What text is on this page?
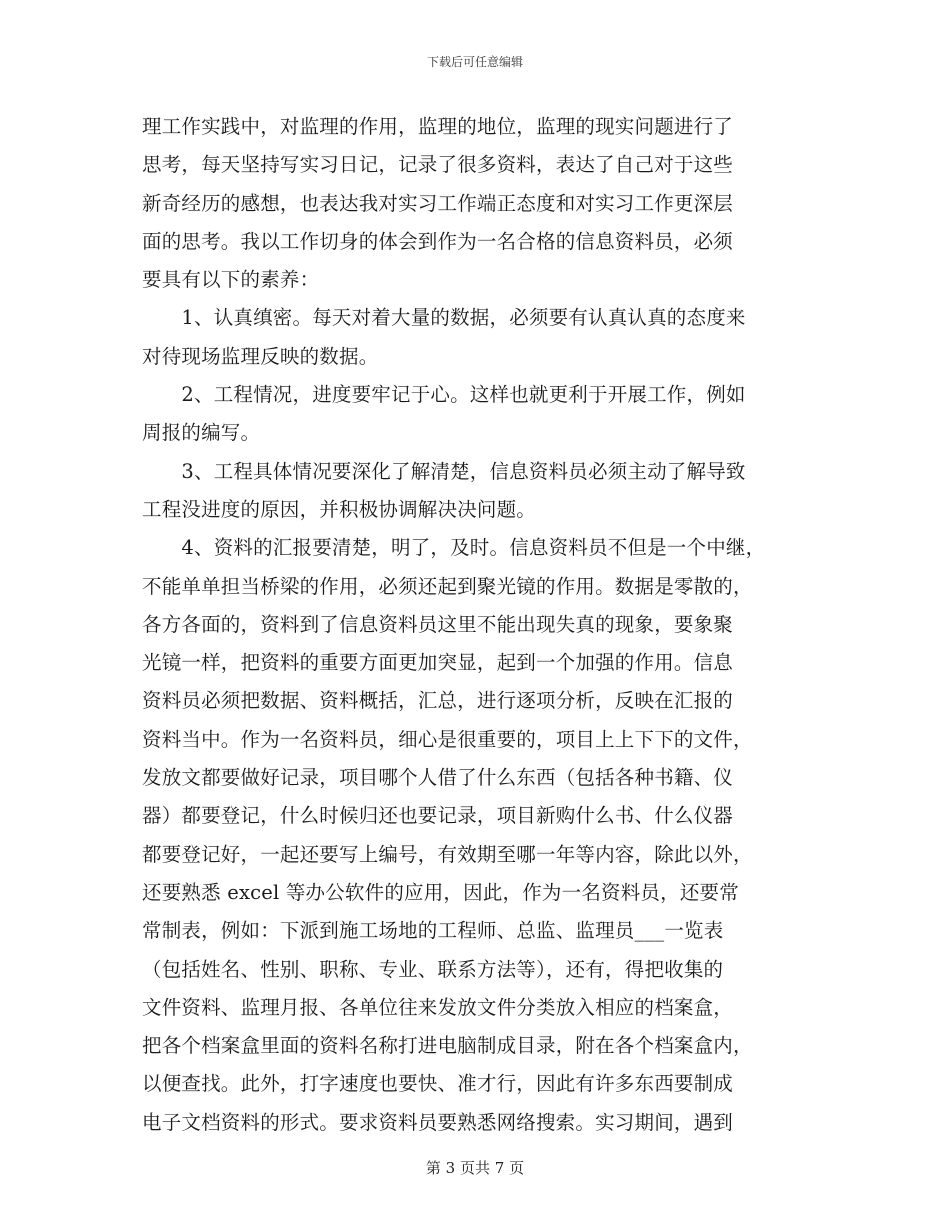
下载后可任意编辑
理工作实践中，对监理的作用，监理的地位，监理的现实问题进行了
思考，每天坚持写实习日记，记录了很多资料，表达了自己对于这些
新奇经历的感想，也表达我对实习工作端正态度和对实习工作更深层
面的思考。我以工作切身的体会到作为一名合格的信息资料员，必须
要具有以下的素养：
　　1、认真缜密。每天对着大量的数据，必须要有认真认真的态度来
对待现场监理反映的数据。
　　2、工程情况，进度要牢记于心。这样也就更利于开展工作，例如
周报的编写。
　　3、工程具体情况要深化了解清楚，信息资料员必须主动了解导致
工程没进度的原因，并积极协调解决决问题。
　　4、资料的汇报要清楚，明了，及时。信息资料员不但是一个中继，
不能单单担当桥梁的作用，必须还起到聚光镜的作用。数据是零散的，
各方各面的，资料到了信息资料员这里不能出现失真的现象，要象聚
光镜一样，把资料的重要方面更加突显，起到一个加强的作用。信息
资料员必须把数据、资料概括，汇总，进行逐项分析，反映在汇报的
资料当中。作为一名资料员，细心是很重要的，项目上上下下的文件，
发放文都要做好记录，项目哪个人借了什么东西（包括各种书籍、仪
器）都要登记，什么时候归还也要记录，项目新购什么书、什么仪器
都要登记好，一起还要写上编号，有效期至哪一年等内容，除此以外，
还要熟悉 excel 等办公软件的应用，因此，作为一名资料员，还要常
常制表，例如：下派到施工场地的工程师、总监、监理员___一览表
（包括姓名、性别、职称、专业、联系方法等），还有，得把收集的
文件资料、监理月报、各单位往来发放文件分类放入相应的档案盒，
把各个档案盒里面的资料名称打进电脑制成目录，附在各个档案盒内，
以便查找。此外，打字速度也要快、准才行，因此有许多东西要制成
电子文档资料的形式。要求资料员要熟悉网络搜索。实习期间，遇到
第 3 页共 7 页
